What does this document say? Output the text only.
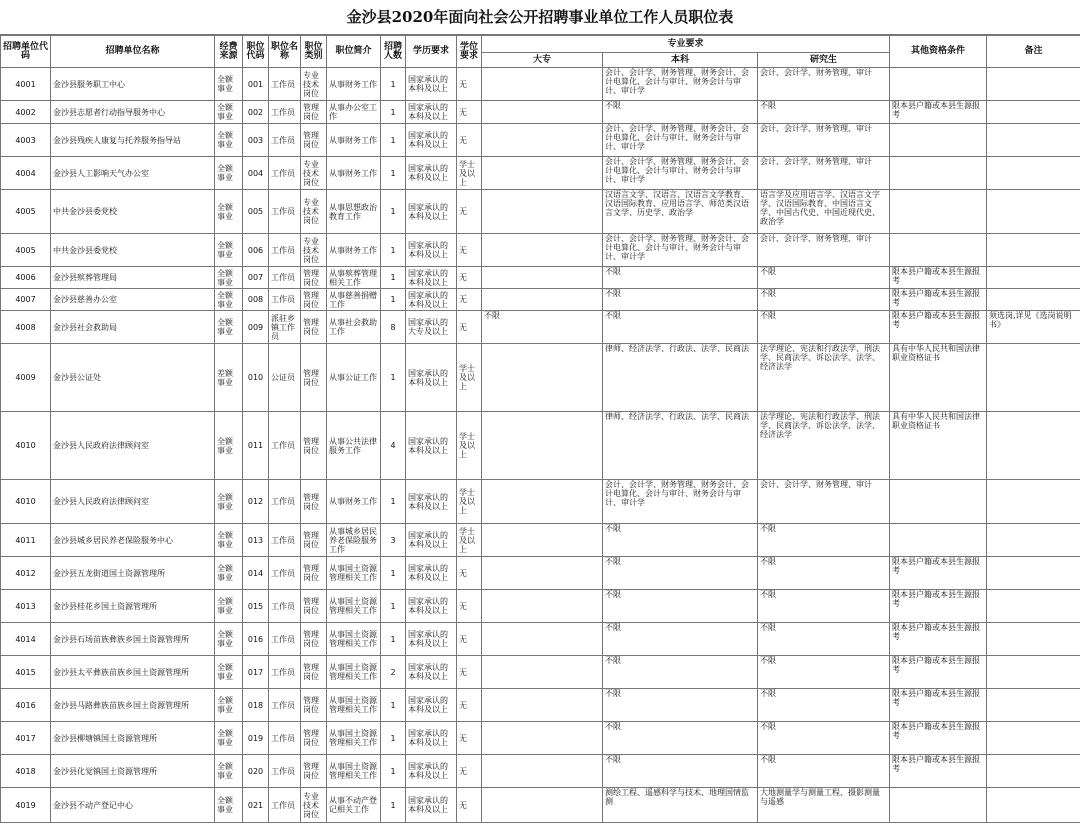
金沙县2020年面向社会公开招聘事业单位工作人员职位表
招聘单位代码	招聘单位名称	经费来源	职位代码	职位名称	职位类别	职位简介	招聘人数	学历要求	学位要求	专业要求			其他资格条件	备注
										大专	本科	研究生		

4001	金沙县服务职工中心	全额事业	001	工作员	专业技术岗位	从事财务工作	1	国家承认的本科及以上	无		会计、会计学、财务管理、财务会计、会计电算化、会计与审计、财务会计与审计、审计学	会计、会计学、财务管理、审计		

4002	金沙县志愿者行动指导服务中心	全额事业	002	工作员	管理岗位	从事办公室工作	1	国家承认的本科及以上	无		不限	不限	限本县户籍或本县生源报考	

4003	金沙县残疾人康复与托养服务指导站	全额事业	003	工作员	管理岗位	从事财务工作	1	国家承认的本科及以上	无		会计、会计学、财务管理、财务会计、会计电算化、会计与审计、财务会计与审计、审计学	会计、会计学、财务管理、审计		

4004	金沙县人工影响天气办公室	全额事业	004	工作员	专业技术岗位	从事财务工作	1	国家承认的本科及以上	学士及以上		会计、会计学、财务管理、财务会计、会计电算化、会计与审计、财务会计与审计、审计学	会计、会计学、财务管理、审计		

4005	中共金沙县委党校	全额事业	005	工作员	专业技术岗位	从事思想政治教育工作	1	国家承认的本科及以上	无		汉语言文学、汉语言、汉语言文学教育、汉语国际教育、应用语言学、师范类汉语言文学、历史学、政治学	语言学及应用语言学、汉语言文字学、汉语国际教育、中国语言文学、中国古代史、中国近现代史、政治学		

4005	中共金沙县委党校	全额事业	006	工作员	专业技术岗位	从事财务工作	1	国家承认的本科及以上	无		会计、会计学、财务管理、财务会计、会计电算化、会计与审计、财务会计与审计、审计学	会计、会计学、财务管理、审计		

4006	金沙县殡葬管理局	全额事业	007	工作员	管理岗位	从事殡葬管理相关工作	1	国家承认的本科及以上	无		不限	不限	限本县户籍或本县生源报考	

4007	金沙县慈善办公室	全额事业	008	工作员	管理岗位	从事慈善捐赠工作	1	国家承认的本科及以上	无		不限	不限	限本县户籍或本县生源报考	

4008	金沙县社会救助局	全额事业	009	派驻乡镇工作员	管理岗位	从事社会救助工作	8	国家承认的大专及以上	无	不限	不限	不限	限本县户籍或本县生源报考	须选岗,详见《选岗说明书》

4009	金沙县公证处	差额事业	010	公证员	管理岗位	从事公证工作	1	国家承认的本科及以上	学士及以上		律师、经济法学、行政法、法学、民商法	法学理论、宪法和行政法学、刑法学、民商法学、诉讼法学、法学、经济法学	具有中华人民共和国法律职业资格证书	

4010	金沙县人民政府法律顾问室	全额事业	011	工作员	管理岗位	从事公共法律服务工作	4	国家承认的本科及以上	学士及以上		律师、经济法学、行政法、法学、民商法	法学理论、宪法和行政法学、刑法学、民商法学、诉讼法学、法学、经济法学	具有中华人民共和国法律职业资格证书	

4010	金沙县人民政府法律顾问室	全额事业	012	工作员	管理岗位	从事财务工作	1	国家承认的本科及以上	学士及以上		会计、会计学、财务管理、财务会计、会计电算化、会计与审计、财务会计与审计、审计学	会计、会计学、财务管理、审计		

4011	金沙县城乡居民养老保险服务中心	全额事业	013	工作员	管理岗位	从事城乡居民养老保险服务工作	3	国家承认的本科及以上	学士及以上		不限	不限		

4012	金沙县五龙街道国土资源管理所	全额事业	014	工作员	管理岗位	从事国土资源管理相关工作	1	国家承认的本科及以上	无		不限	不限	限本县户籍或本县生源报考	

4013	金沙县桂花乡国土资源管理所	全额事业	015	工作员	管理岗位	从事国土资源管理相关工作	1	国家承认的本科及以上	无		不限	不限	限本县户籍或本县生源报考	

4014	金沙县石场苗族彝族乡国土资源管理所	全额事业	016	工作员	管理岗位	从事国土资源管理相关工作	1	国家承认的本科及以上	无		不限	不限	限本县户籍或本县生源报考	

4015	金沙县太平彝族苗族乡国土资源管理所	全额事业	017	工作员	管理岗位	从事国土资源管理相关工作	2	国家承认的本科及以上	无		不限	不限	限本县户籍或本县生源报考	

4016	金沙县马路彝族苗族乡国土资源管理所	全额事业	018	工作员	管理岗位	从事国土资源管理相关工作	1	国家承认的本科及以上	无		不限	不限	限本县户籍或本县生源报考	

4017	金沙县柳塘镇国土资源管理所	全额事业	019	工作员	管理岗位	从事国土资源管理相关工作	1	国家承认的本科及以上	无		不限	不限	限本县户籍或本县生源报考	

4018	金沙县化觉镇国土资源管理所	全额事业	020	工作员	管理岗位	从事国土资源管理相关工作	1	国家承认的本科及以上	无		不限	不限	限本县户籍或本县生源报考	

4019	金沙县不动产登记中心	全额事业	021	工作员	专业技术岗位	从事不动产登记相关工作	1	国家承认的本科及以上	无		测绘工程、遥感科学与技术、地理国情监测	大地测量学与测量工程、摄影测量与遥感		
